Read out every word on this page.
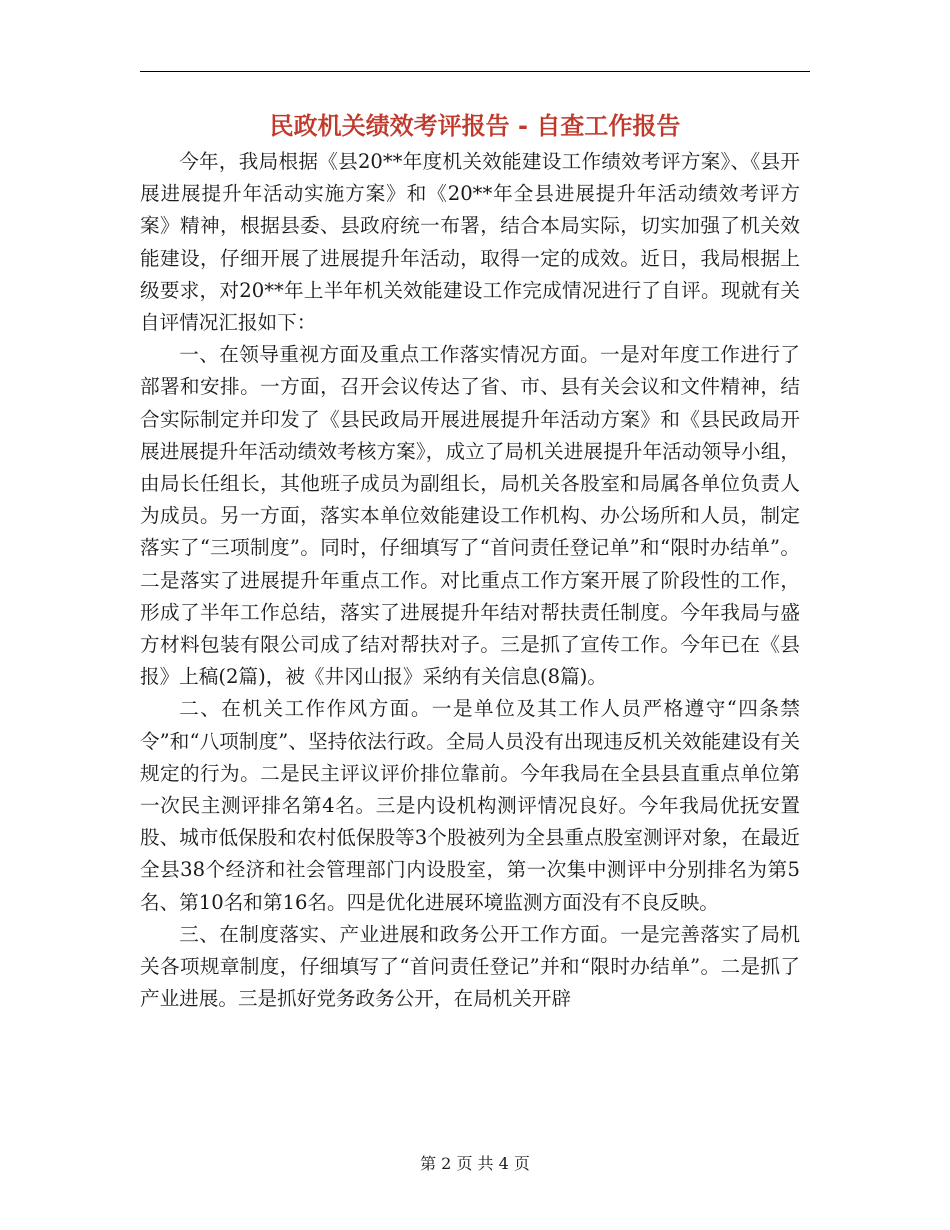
民政机关绩效考评报告 - 自查工作报告

今年，我局根据《县20**年度机关效能建设工作绩效考评方案》、《县开展进展提升年活动实施方案》和《20**年全县进展提升年活动绩效考评方案》精神，根据县委、县政府统一布署，结合本局实际，切实加强了机关效能建设，仔细开展了进展提升年活动，取得一定的成效。近日，我局根据上级要求，对20**年上半年机关效能建设工作完成情况进行了自评。现就有关自评情况汇报如下：

一、在领导重视方面及重点工作落实情况方面。一是对年度工作进行了部署和安排。一方面，召开会议传达了省、市、县有关会议和文件精神，结合实际制定并印发了《县民政局开展进展提升年活动方案》和《县民政局开展进展提升年活动绩效考核方案》，成立了局机关进展提升年活动领导小组，由局长任组长，其他班子成员为副组长，局机关各股室和局属各单位负责人为成员。另一方面，落实本单位效能建设工作机构、办公场所和人员，制定落实了“三项制度”。同时，仔细填写了“首问责任登记单”和“限时办结单”。二是落实了进展提升年重点工作。对比重点工作方案开展了阶段性的工作，形成了半年工作总结，落实了进展提升年结对帮扶责任制度。今年我局与盛方材料包装有限公司成了结对帮扶对子。三是抓了宣传工作。今年已在《县报》上稿(2篇)，被《井冈山报》采纳有关信息(8篇)。

二、在机关工作作风方面。一是单位及其工作人员严格遵守“四条禁令”和“八项制度”、坚持依法行政。全局人员没有出现违反机关效能建设有关规定的行为。二是民主评议评价排位靠前。今年我局在全县县直重点单位第一次民主测评排名第4名。三是内设机构测评情况良好。今年我局优抚安置股、城市低保股和农村低保股等3个股被列为全县重点股室测评对象，在最近全县38个经济和社会管理部门内设股室，第一次集中测评中分别排名为第5名、第10名和第16名。四是优化进展环境监测方面没有不良反映。

三、在制度落实、产业进展和政务公开工作方面。一是完善落实了局机关各项规章制度，仔细填写了“首问责任登记”并和“限时办结单”。二是抓了产业进展。三是抓好党务政务公开，在局机关开辟

第 2 页 共 4 页
